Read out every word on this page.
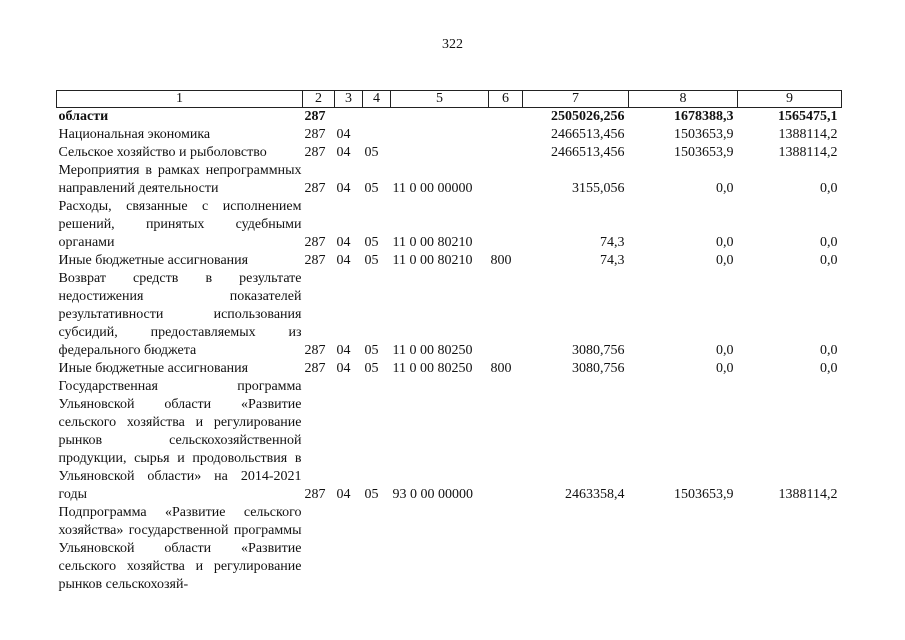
322
1	2	3	4	5	6	7	8	9
области	287					2505026,256	1678388,3	1565475,1
Национальная экономика	287	04				2466513,456	1503653,9	1388114,2
Сельское хозяйство и рыболовство	287	04	05			2466513,456	1503653,9	1388114,2
Мероприятия в рамках непрограммных направлений деятельности	287	04	05	11 0 00 00000		3155,056	0,0	0,0
Расходы, связанные с исполнением решений, принятых судебными органами	287	04	05	11 0 00 80210		74,3	0,0	0,0
Иные бюджетные ассигнования	287	04	05	11 0 00 80210	800	74,3	0,0	0,0
Возврат средств в результате недостижения показателей результативности использования субсидий, предоставляемых из федерального бюджета	287	04	05	11 0 00 80250		3080,756	0,0	0,0
Иные бюджетные ассигнования	287	04	05	11 0 00 80250	800	3080,756	0,0	0,0
Государственная программа Ульяновской области «Развитие сельского хозяйства и регулирование рынков сельскохозяйственной продукции, сырья и продовольствия в Ульяновской области» на 2014-2021 годы	287	04	05	93 0 00 00000		2463358,4	1503653,9	1388114,2
Подпрограмма «Развитие сельского хозяйства» государственной программы Ульяновской области «Развитие сельского хозяйства и регулирование рынков сельскохозяй-								
